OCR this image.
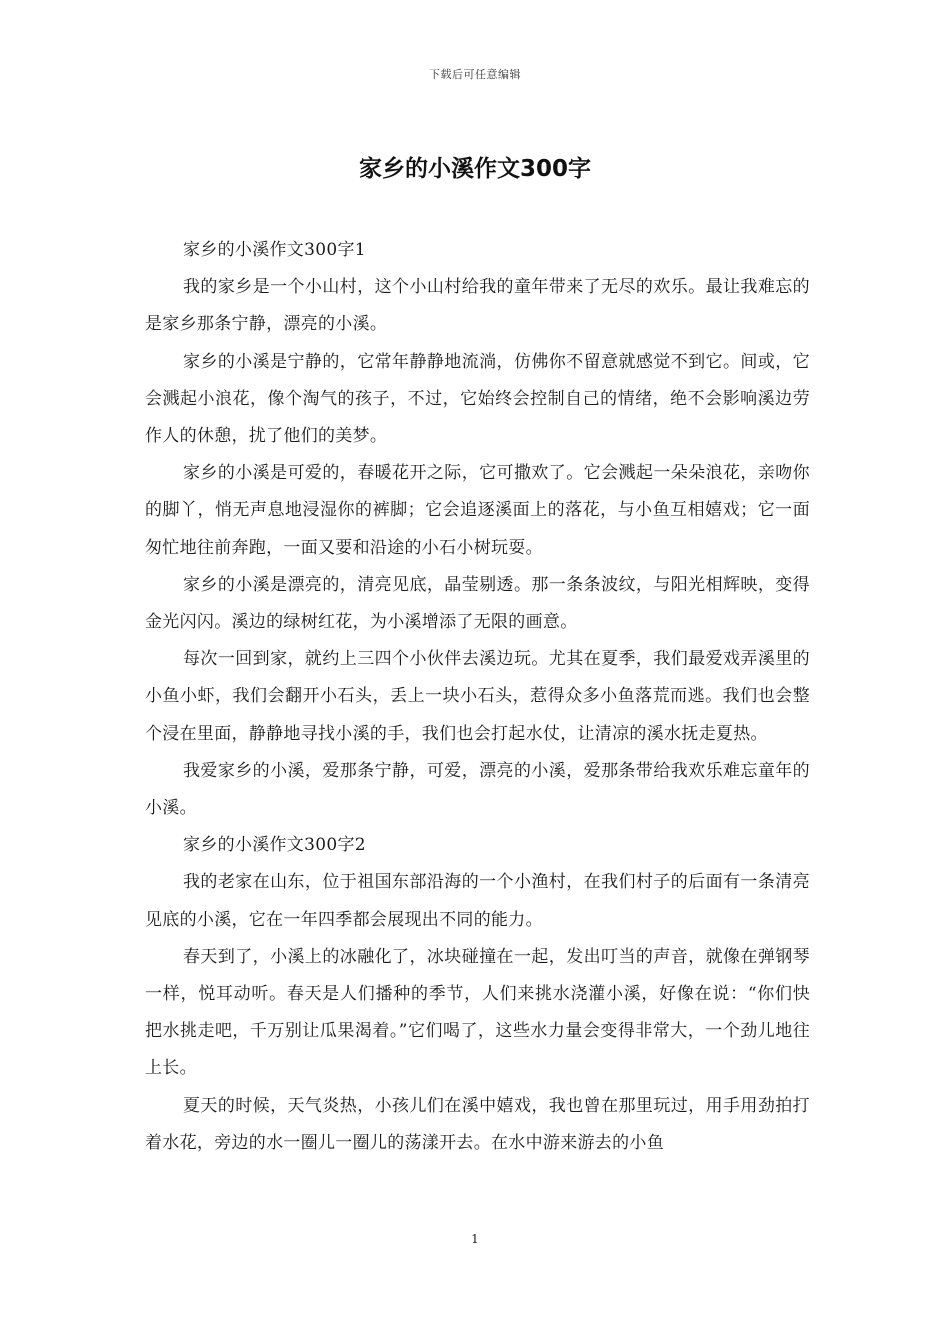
下载后可任意编辑
家乡的小溪作文300字

家乡的小溪作文300字1

我的家乡是一个小山村，这个小山村给我的童年带来了无尽的欢乐。最让我难忘的是家乡那条宁静，漂亮的小溪。

家乡的小溪是宁静的，它常年静静地流淌，仿佛你不留意就感觉不到它。间或，它会溅起小浪花，像个淘气的孩子，不过，它始终会控制自己的情绪，绝不会影响溪边劳作人的休憩，扰了他们的美梦。

家乡的小溪是可爱的，春暖花开之际，它可撒欢了。它会溅起一朵朵浪花，亲吻你的脚丫，悄无声息地浸湿你的裤脚；它会追逐溪面上的落花，与小鱼互相嬉戏；它一面匆忙地往前奔跑，一面又要和沿途的小石小树玩耍。

家乡的小溪是漂亮的，清亮见底，晶莹剔透。那一条条波纹，与阳光相辉映，变得金光闪闪。溪边的绿树红花，为小溪增添了无限的画意。

每次一回到家，就约上三四个小伙伴去溪边玩。尤其在夏季，我们最爱戏弄溪里的小鱼小虾，我们会翻开小石头，丢上一块小石头，惹得众多小鱼落荒而逃。我们也会整个浸在里面，静静地寻找小溪的手，我们也会打起水仗，让清凉的溪水抚走夏热。

我爱家乡的小溪，爱那条宁静，可爱，漂亮的小溪，爱那条带给我欢乐难忘童年的小溪。

家乡的小溪作文300字2

我的老家在山东，位于祖国东部沿海的一个小渔村，在我们村子的后面有一条清亮见底的小溪，它在一年四季都会展现出不同的能力。

春天到了，小溪上的冰融化了，冰块碰撞在一起，发出叮当的声音，就像在弹钢琴一样，悦耳动听。春天是人们播种的季节，人们来挑水浇灌小溪，好像在说：“你们快把水挑走吧，千万别让瓜果渴着。”它们喝了，这些水力量会变得非常大，一个劲儿地往上长。

夏天的时候，天气炎热，小孩儿们在溪中嬉戏，我也曾在那里玩过，用手用劲拍打着水花，旁边的水一圈儿一圈儿的荡漾开去。在水中游来游去的小鱼

1
